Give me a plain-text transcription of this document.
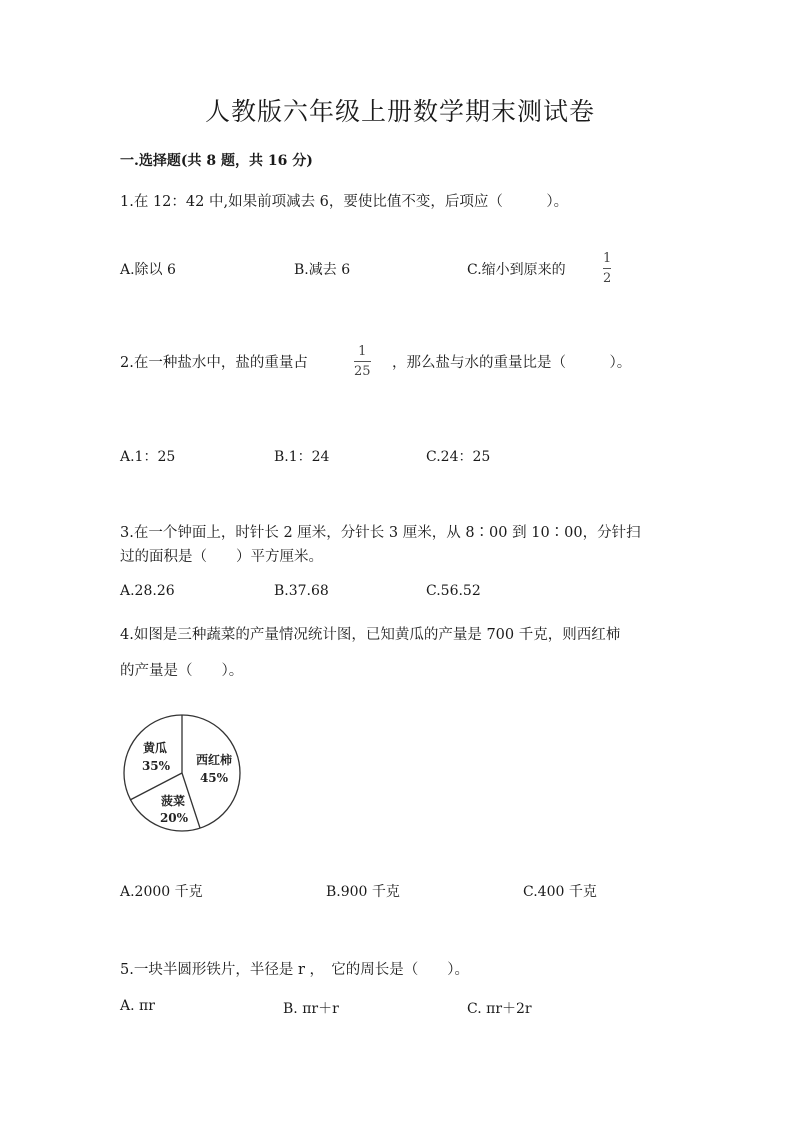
人教版六年级上册数学期末测试卷
一.选择题(共 8 题，共 16 分)
1.在 12：42 中,如果前项减去 6，要使比值不变，后项应（　　　）。
A.除以 6	B.减去 6	C.缩小到原来的
1
2
2.在一种盐水中，盐的重量占
1
25
，那么盐与水的重量比是（　　　）。
A.1：25	B.1：24	C.24：25
3.在一个钟面上，时针长 2 厘米，分针长 3 厘米，从 8∶00 到 10∶00，分针扫
过的面积是（　　）平方厘米。
A.28.26	B.37.68	C.56.52
4.如图是三种蔬菜的产量情况统计图，已知黄瓜的产量是 700 千克，则西红柿
的产量是（　　）。
黄瓜
35% 西红柿
45%
菠菜
20%
A.2000 千克	B.900 千克	C.400 千克
5.一块半圆形铁片，半径是 r ，　它的周长是（　　）。
A. πr	B. πr＋r	C. πr＋2r
